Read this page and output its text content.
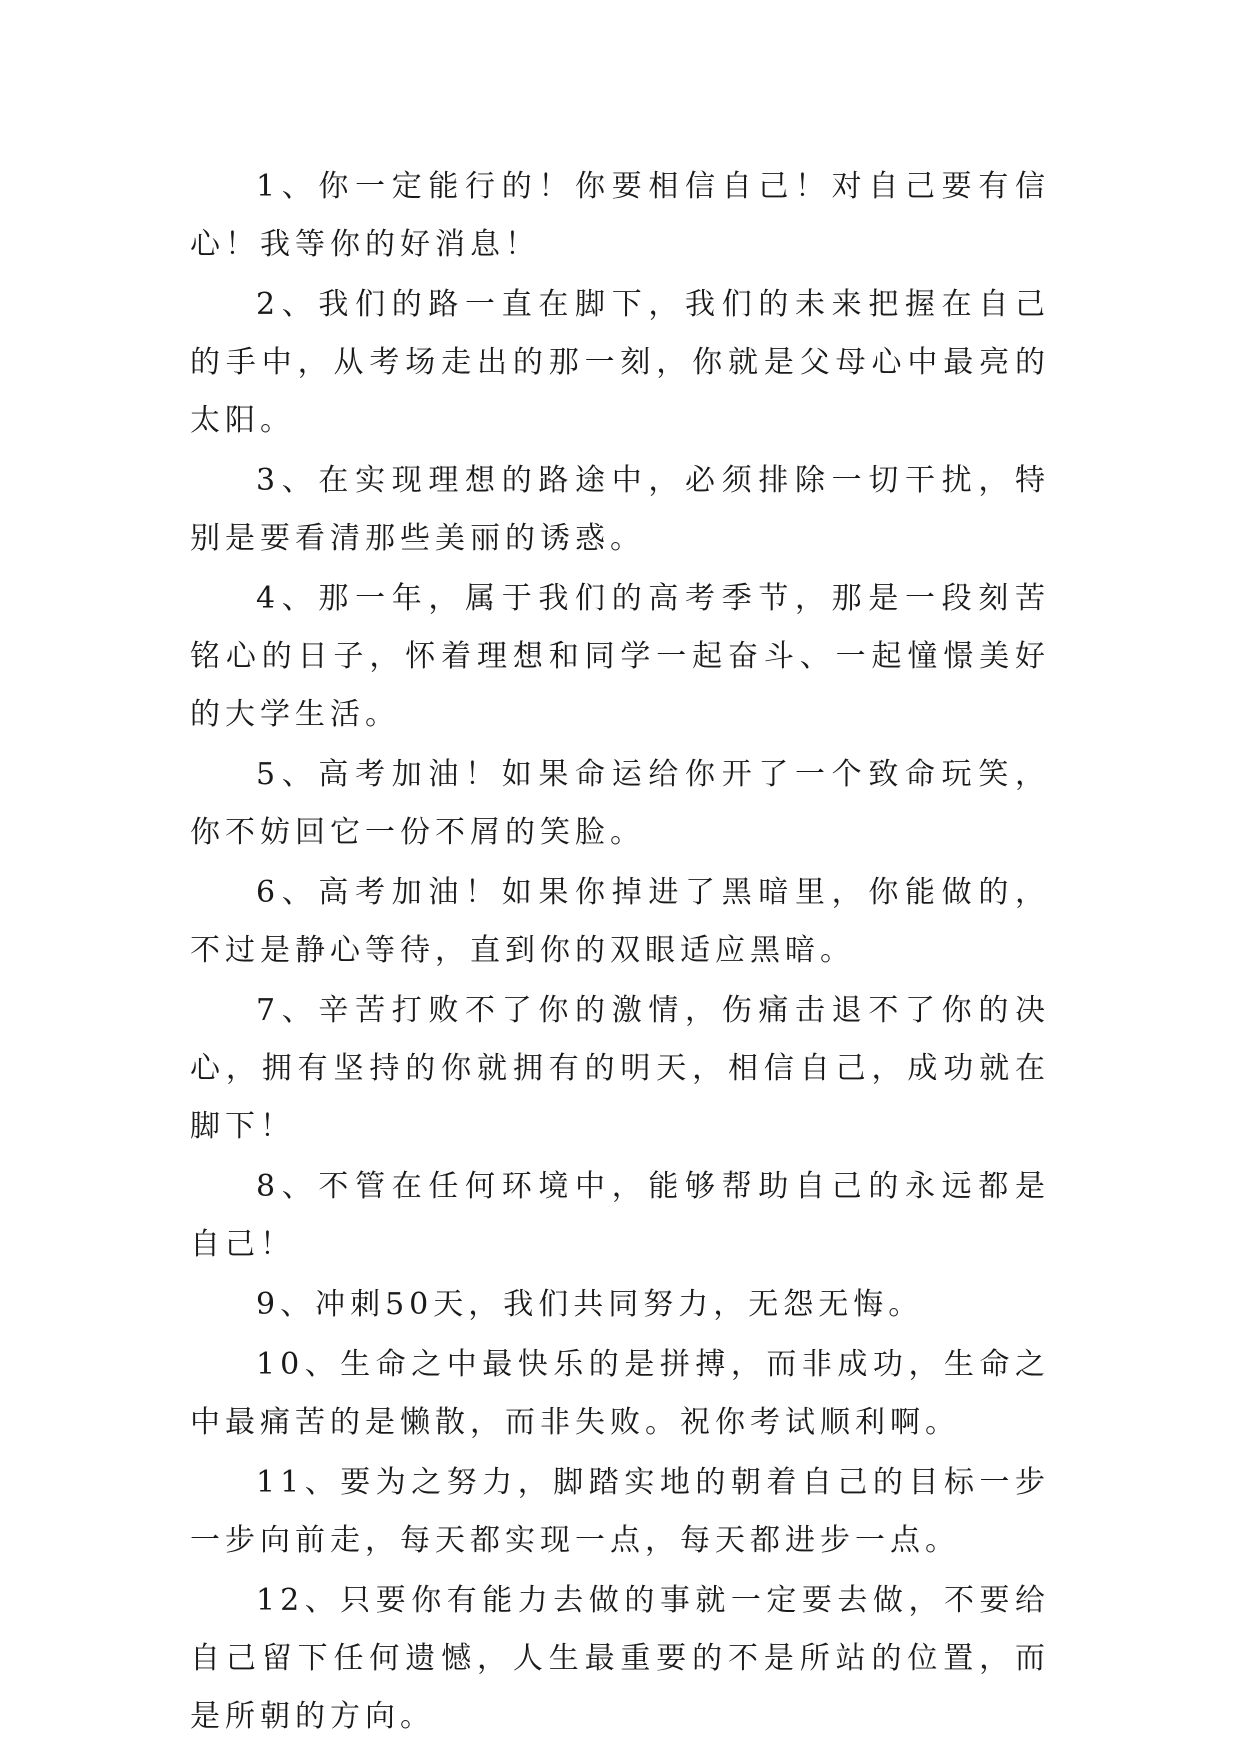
1、你一定能行的！你要相信自己！对自己要有信心！我等你的好消息！

2、我们的路一直在脚下，我们的未来把握在自己的手中，从考场走出的那一刻，你就是父母心中最亮的太阳。

3、在实现理想的路途中，必须排除一切干扰，特别是要看清那些美丽的诱惑。

4、那一年，属于我们的高考季节，那是一段刻苦铭心的日子，怀着理想和同学一起奋斗、一起憧憬美好的大学生活。

5、高考加油！如果命运给你开了一个致命玩笑，你不妨回它一份不屑的笑脸。

6、高考加油！如果你掉进了黑暗里，你能做的，不过是静心等待，直到你的双眼适应黑暗。

7、辛苦打败不了你的激情，伤痛击退不了你的决心，拥有坚持的你就拥有的明天，相信自己，成功就在脚下！

8、不管在任何环境中，能够帮助自己的永远都是自己！

9、冲刺50天，我们共同努力，无怨无悔。

10、生命之中最快乐的是拼搏，而非成功，生命之中最痛苦的是懒散，而非失败。祝你考试顺利啊。

11、要为之努力，脚踏实地的朝着自己的目标一步一步向前走，每天都实现一点，每天都进步一点。

12、只要你有能力去做的事就一定要去做，不要给自己留下任何遗憾，人生最重要的不是所站的位置，而是所朝的方向。
